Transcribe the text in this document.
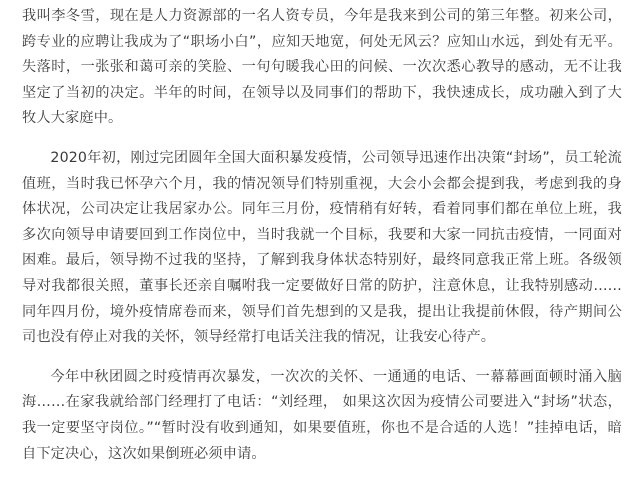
我叫李冬雪，现在是人力资源部的一名人资专员，今年是我来到公司的第三年整。初来公司，跨专业的应聘让我成为了“职场小白”，应知天地宽，何处无风云？应知山水远，到处有无平。失落时，一张张和蔼可亲的笑脸、一句句暖我心田的问候、一次次悉心教导的感动，无不让我坚定了当初的决定。半年的时间，在领导以及同事们的帮助下，我快速成长，成功融入到了大牧人大家庭中。

2020年初，刚过完团圆年全国大面积暴发疫情，公司领导迅速作出决策“封场”，员工轮流值班，当时我已怀孕六个月，我的情况领导们特别重视，大会小会都会提到我，考虑到我的身体状况，公司决定让我居家办公。同年三月份，疫情稍有好转，看着同事们都在单位上班，我多次向领导申请要回到工作岗位中，当时我就一个目标，我要和大家一同抗击疫情，一同面对困难。最后，领导拗不过我的坚持，了解到我身体状态特别好，最终同意我正常上班。各级领导对我都很关照，董事长还亲自嘱咐我一定要做好日常的防护，注意休息，让我特别感动……同年四月份，境外疫情席卷而来，领导们首先想到的又是我，提出让我提前休假，待产期间公司也没有停止对我的关怀，领导经常打电话关注我的情况，让我安心待产。

今年中秋团圆之时疫情再次暴发，一次次的关怀、一通通的电话、一幕幕画面顿时涌入脑海……在家我就给部门经理打了电话：“刘经理， 如果这次因为疫情公司要进入“封场”状态，我一定要坚守岗位。”“暂时没有收到通知，如果要值班，你也不是合适的人选！”挂掉电话，暗自下定决心，这次如果倒班必须申请。
